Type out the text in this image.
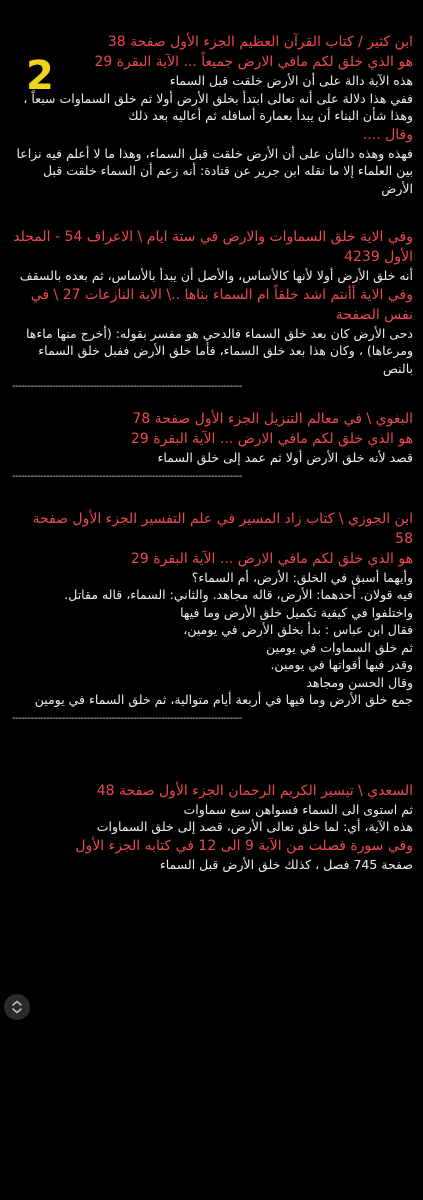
ابن كثير / كتاب القرآن العظيم الجزء الأول صفحة 38
هو الذي خلق لكم مافي الارض جميعاً ... الآية البقرة 29
هذه الآية دالة على أن الأرض خلقت قبل السماء
ففي هذا دلالة على أنه تعالى ابتدأ بخلق الأرض أولا ثم خلق السماوات سبعاً ، وهذا شأن البناء أن يبدأ بعمارة أسافله ثم أعاليه بعد ذلك
وقال ....
فهذه وهذه دالتان على أن الأرض خلقت قبل السماء، وهذا ما لا أعلم فيه نزاعا بين العلماء إلا ما نقله ابن جرير عن قتادة: أنه زعم أن السماء خلقت قبل الأرض
وفي الاية خلق السماوات والارض في ستة ايام \ الاعراف 54 - المجلد الأول 4239
أنه خلق الأرض أولا لأنها كالأساس، والأصل أن يبدأ بالأساس، ثم بعده بالسقف
وفي الاية أأنتم اشد خلقاً ام السماء بناها ..\ الاية النازعات 27 \ في نفس الصفحة
دحى الأرض كان بعد خلق السماء فالدحي هو مفسر بقوله: (أخرج منها ماءها ومرعاها) ، وكان هذا بعد خلق السماء، فأما خلق الأرض ففبل خلق السماء بالنص
--------------------------------------------------------------------------
البغوي \ في معالم التنزيل الجزء الأول صفحة 78
هو الذي خلق لكم مافي الارض ... الآية البقرة 29
قصد لأنه خلق الأرض أولا ثم عمد إلى خلق السماء
--------------------------------------------------------------------------
ابن الجوزي \ كتاب زاد المسير في علم التفسير الجزء الأول صفحة 58
هو الذي خلق لكم مافي الارض ... الآية البقرة 29
وأيهما أسبق في الخلق: الأرض، أم السماء؟
فيه قولان. أحدهما: الأرض، قاله مجاهد. والثاني: السماء، قاله مقاتل.
واختلفوا في كيفية تكميل خلق الأرض وما فيها
فقال ابن عباس : بدأ بخلق الأرض في يومين،
ثم خلق السماوات في يومين
وقدر فيها أقواتها في يومين.
وقال الحسن ومجاهد
جمع خلق الأرض وما فيها في أربعة أيام متوالية، ثم خلق السماء في يومين
--------------------------------------------------------------------------
السعدي \ تيسير الكريم الرحمان الجزء الأول صفحة 48
ثم استوى الى السماء فسواهن سبع سماوات
هذه الآية، أي: لما خلق تعالى الأرض، قصد إلى خلق السماوات
وفي سورة فصلت من الآية 9 الى 12 في كتابه الجزء الأول
صفحة 745 فصل ، كذلك خلق الأرض قبل السماء
2
